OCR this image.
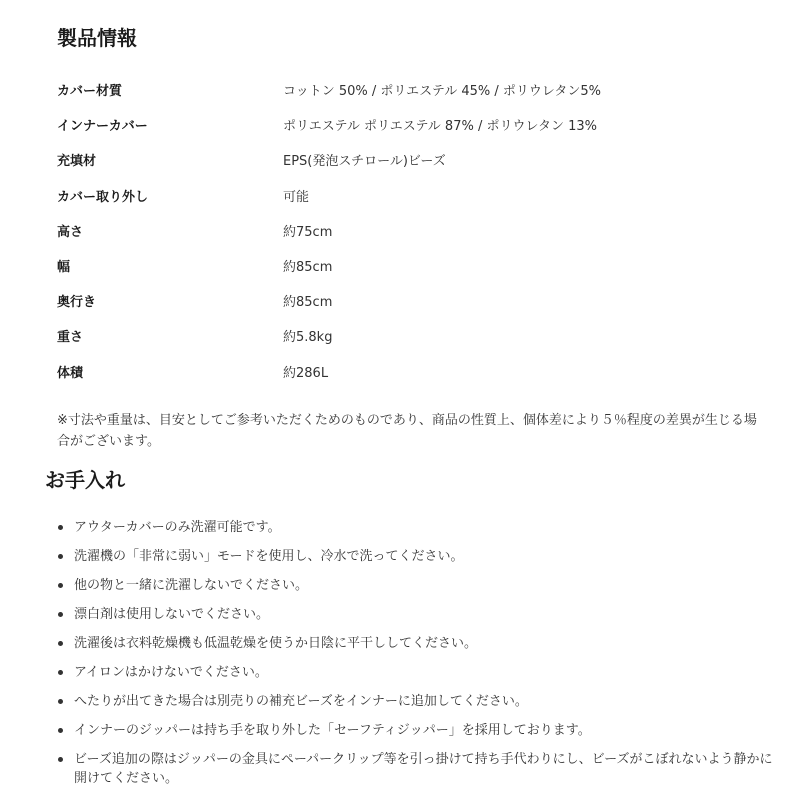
製品情報
カバー材質	コットン 50% / ポリエステル 45% / ポリウレタン5%
インナーカバー	ポリエステル ポリエステル 87% / ポリウレタン 13%
充填材	EPS(発泡スチロール)ビーズ
カバー取り外し	可能
高さ	約75cm
幅	約85cm
奥行き	約85cm
重さ	約5.8kg
体積	約286L

※寸法や重量は、目安としてご参考いただくためのものであり、商品の性質上、個体差により５％程度の差異が生じる場合がございます。

お手入れ
アウターカバーのみ洗濯可能です。
洗濯機の「非常に弱い」モードを使用し、冷水で洗ってください。
他の物と一緒に洗濯しないでください。
漂白剤は使用しないでください。
洗濯後は衣料乾燥機も低温乾燥を使うか日陰に平干ししてください。
アイロンはかけないでください。
へたりが出てきた場合は別売りの補充ビーズをインナーに追加してください。
インナーのジッパーは持ち手を取り外した「セーフティジッパー」を採用しております。
ビーズ追加の際はジッパーの金具にペーパークリップ等を引っ掛けて持ち手代わりにし、ビーズがこぼれないよう静かに開けてください。
